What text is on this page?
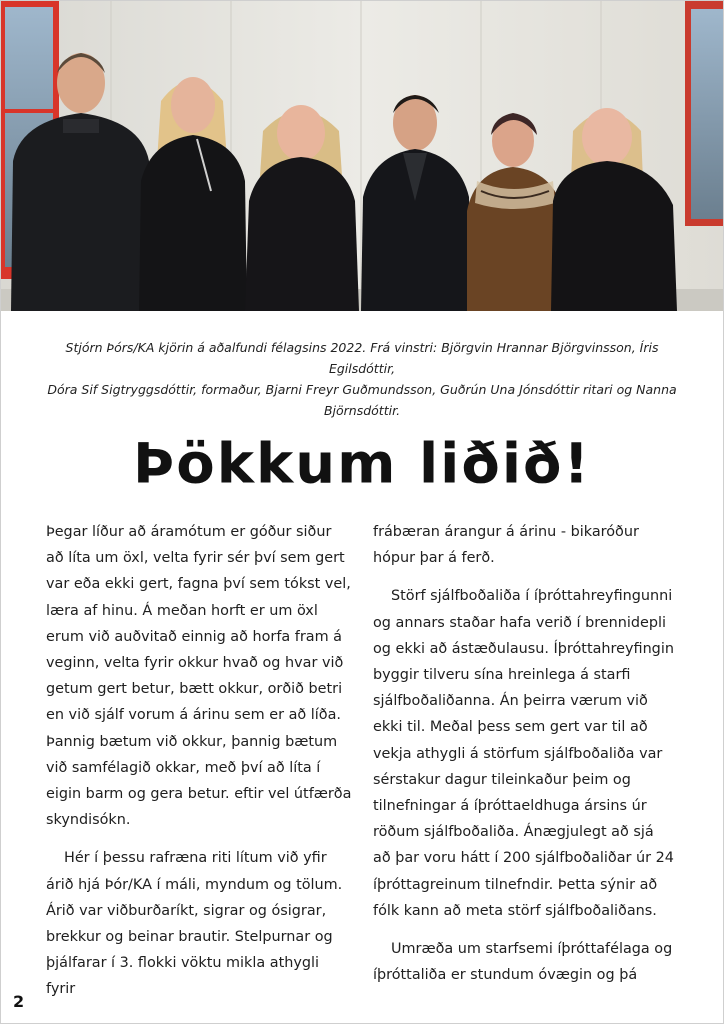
Stjórn Þórs/KA kjörin á aðalfundi félagsins 2022. Frá vinstri: Björgvin Hrannar Björgvinsson, Íris Egilsdóttir,

Dóra Sif Sigtryggsdóttir, formaður, Bjarni Freyr Guðmundsson, Guðrún Una Jónsdóttir ritari og Nanna

Björnsdóttir.

Þökkum liðið!

Þegar líður að áramótum er góður siður að líta um öxl, velta fyrir sér því sem gert var eða ekki gert, fagna því sem tókst vel, læra af hinu. Á meðan horft er um öxl erum við auðvitað einnig að horfa fram á veginn, velta fyrir okkur hvað og hvar við getum gert betur, bætt okkur, orðið betri en við sjálf vorum á árinu sem er að líða. Þannig bætum við okkur, þannig bætum við samfélagið okkar, með því að líta í eigin barm og gera betur. eftir vel útfærða skyndisókn.

Hér í þessu rafræna riti lítum við yfir árið hjá Þór/KA í máli, myndum og tölum. Árið var viðburðaríkt, sigrar og ósigrar, brekkur og beinar brautir. Stelpurnar og þjálfarar í 3. flokki vöktu mikla athygli fyrir

frábæran árangur á árinu - bikaróður hópur þar á ferð.

Störf sjálfboðaliða í íþróttahreyfingunni og annars staðar hafa verið í brennidepli og ekki að ástæðulausu. Íþróttahreyfingin byggir tilveru sína hreinlega á starfi sjálfboðaliðanna. Án þeirra værum við ekki til. Meðal þess sem gert var til að vekja athygli á störfum sjálfboðaliða var sérstakur dagur tileinkaður þeim og tilnefningar á íþróttaeldhuga ársins úr röðum sjálfboðaliða. Ánægjulegt að sjá að þar voru hátt í 200 sjálfboðaliðar úr 24 íþróttagreinum tilnefndir. Þetta sýnir að fólk kann að meta störf sjálfboðaliðans.

Umræða um starfsemi íþróttafélaga og íþróttaliða er stundum óvægin og þá

2
